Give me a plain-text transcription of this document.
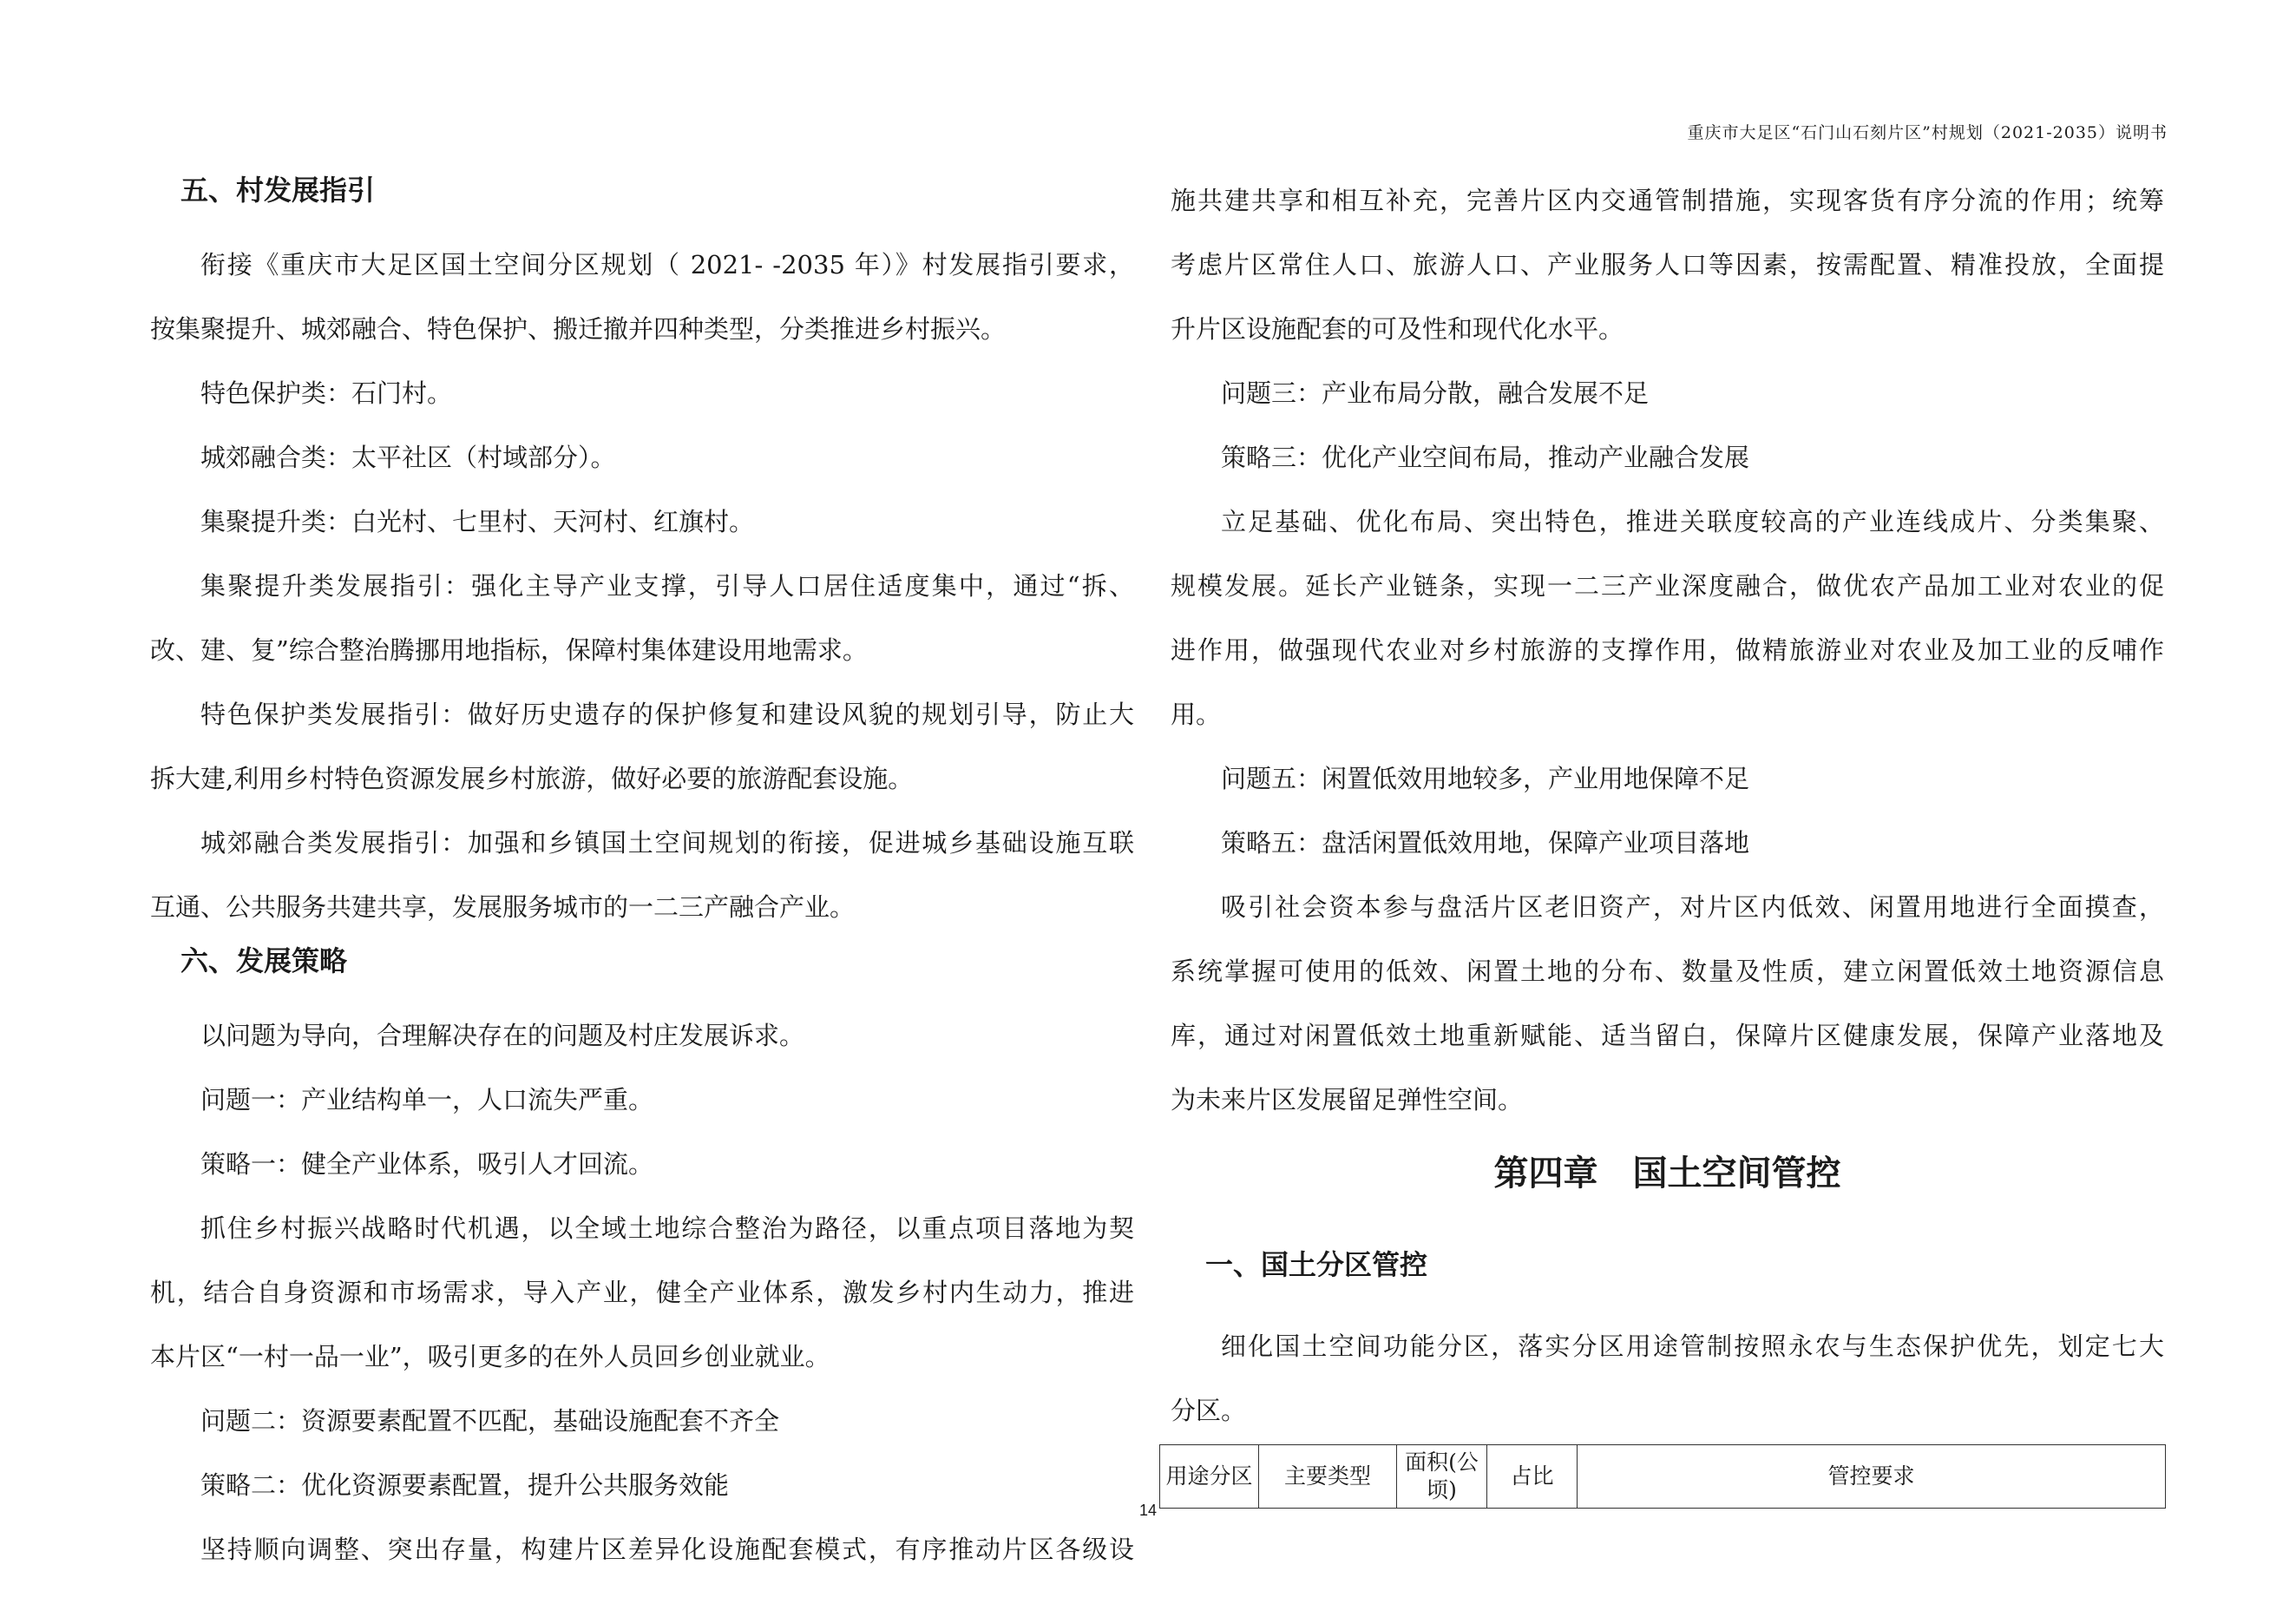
重庆市大足区“石门山石刻片区”村规划（2021-2035）说明书
五、村发展指引

衔接《重庆市大足区国土空间分区规划（ 2021- -2035 年）》村发展指引要求，

按集聚提升、城郊融合、特色保护、搬迁撤并四种类型，分类推进乡村振兴。

特色保护类：石门村。

城郊融合类：太平社区（村域部分）。

集聚提升类：白光村、七里村、天河村、红旗村。

集聚提升类发展指引：强化主导产业支撑，引导人口居住适度集中，通过“拆、

改、建、复”综合整治腾挪用地指标，保障村集体建设用地需求。

特色保护类发展指引：做好历史遗存的保护修复和建设风貌的规划引导，防止大

拆大建,利用乡村特色资源发展乡村旅游，做好必要的旅游配套设施。

城郊融合类发展指引：加强和乡镇国土空间规划的衔接，促进城乡基础设施互联

互通、公共服务共建共享，发展服务城市的一二三产融合产业。

六、发展策略

以问题为导向，合理解决存在的问题及村庄发展诉求。

问题一：产业结构单一，人口流失严重。

策略一：健全产业体系，吸引人才回流。

抓住乡村振兴战略时代机遇，以全域土地综合整治为路径，以重点项目落地为契

机，结合自身资源和市场需求，导入产业，健全产业体系，激发乡村内生动力，推进

本片区“一村一品一业”，吸引更多的在外人员回乡创业就业。

问题二：资源要素配置不匹配，基础设施配套不齐全

策略二：优化资源要素配置，提升公共服务效能

坚持顺向调整、突出存量，构建片区差异化设施配套模式，有序推动片区各级设

施共建共享和相互补充，完善片区内交通管制措施，实现客货有序分流的作用；统筹

考虑片区常住人口、旅游人口、产业服务人口等因素，按需配置、精准投放，全面提

升片区设施配套的可及性和现代化水平。

问题三：产业布局分散，融合发展不足

策略三：优化产业空间布局，推动产业融合发展

立足基础、优化布局、突出特色，推进关联度较高的产业连线成片、分类集聚、

规模发展。延长产业链条，实现一二三产业深度融合，做优农产品加工业对农业的促

进作用，做强现代农业对乡村旅游的支撑作用，做精旅游业对农业及加工业的反哺作

用。

问题五：闲置低效用地较多，产业用地保障不足

策略五：盘活闲置低效用地，保障产业项目落地

吸引社会资本参与盘活片区老旧资产，对片区内低效、闲置用地进行全面摸查，

系统掌握可使用的低效、闲置土地的分布、数量及性质，建立闲置低效土地资源信息

库，通过对闲置低效土地重新赋能、适当留白，保障片区健康发展，保障产业落地及

为未来片区发展留足弹性空间。

第四章　国土空间管控
一、国土分区管控

细化国土空间功能分区，落实分区用途管制按照永农与生态保护优先，划定七大

分区。

用途分区	主要类型	面积(公顷)	占比	管控要求
14
